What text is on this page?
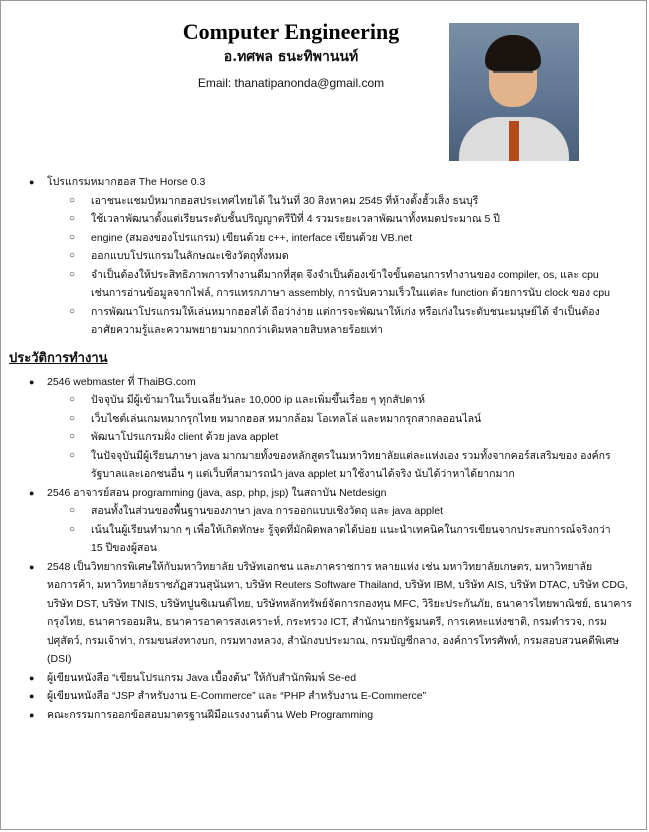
Computer Engineering
อ.ทศพล ธนะทิพานนท์
Email: thanatipanonda@gmail.com
● โปรแกรมหมากฮอส The Horse 0.3
○ เอาชนะแชมป์หมากฮอสประเทศไทยได้ ในวันที่ 30 สิงหาคม 2545 ที่ห้างตั้งฮั้วเส็ง ธนบุรี
○ ใช้เวลาพัฒนาตั้งแต่เรียนระดับชั้นปริญญาตรีปีที่ 4 รวมระยะเวลาพัฒนาทั้งหมดประมาณ 5 ปี
○ engine (สมองของโปรแกรม) เขียนด้วย c++, interface เขียนด้วย VB.net
○ ออกแบบโปรแกรมในลักษณะเชิงวัตถุทั้งหมด
○ จำเป็นต้องให้ประสิทธิภาพการทำงานดีมากที่สุด จึงจำเป็นต้องเข้าใจขั้นตอนการทำงานของ compiler, os, และ cpu เช่นการอ่านข้อมูลจากไฟล์, การแทรกภาษา assembly, การนับความเร็วในแต่ละ function ด้วยการนับ clock ของ cpu
○ การพัฒนาโปรแกรมให้เล่นหมากฮอสได้ ถือว่าง่าย แต่การจะพัฒนาให้เก่ง หรือเก่งในระดับชนะมนุษย์ได้ จำเป็นต้องอาศัยความรู้และความพยายามมากกว่าเดิมหลายสิบหลายร้อยเท่า
ประวัติการทำงาน
● 2546 webmaster ที่ ThaiBG.com
○ ปัจจุบัน มีผู้เข้ามาในเว็บเฉลี่ยวันละ 10,000 ip และเพิ่มขึ้นเรื่อย ๆ ทุกสัปดาห์
○ เว็บไซต์เล่นเกมหมากรุกไทย หมากฮอส หมากล้อม โอเทลโล่ และหมากรุกสากลออนไลน์
○ พัฒนาโปรแกรมฝั่ง client ด้วย java applet
○ ในปัจจุบันมีผู้เรียนภาษา java มากมายทั้งของหลักสูตรในมหาวิทยาลัยแต่ละแห่งเอง รวมทั้งจากคอร์สเสริมของ องค์กรรัฐบาลและเอกชนอื่น ๆ แต่เว็บที่สามารถนำ java applet มาใช้งานได้จริง นับได้ว่าหาได้ยากมาก
● 2546 อาจารย์สอน programming (java, asp, php, jsp) ในสถาบัน Netdesign
○ สอนทั้งในส่วนของพื้นฐานของภาษา java การออกแบบเชิงวัตถุ และ java applet
○ เน้นในผู้เรียนทำมาก ๆ เพื่อให้เกิดทักษะ รู้จุดที่มักผิดพลาดได้บ่อย แนะนำเทคนิคในการเขียนจากประสบการณ์จริงกว่า 15 ปีของผู้สอน
● 2548 เป็นวิทยากรพิเศษให้กับมหาวิทยาลัย บริษัทเอกชน และภาคราชการ หลายแห่ง เช่น มหาวิทยาลัยเกษตร, มหาวิทยาลัยหอการค้า, มหาวิทยาลัยราชภัฏสวนสุนันทา, บริษัท Reuters Software Thailand, บริษัท IBM, บริษัท AIS, บริษัท DTAC, บริษัท CDG, บริษัท DST, บริษัท TNIS, บริษัทปูนซิเมนต์ไทย, บริษัทหลักทรัพย์จัดการกองทุน MFC, วิริยะประกันภัย, ธนาคารไทยพาณิชย์, ธนาคารกรุงไทย, ธนาคารออมสิน, ธนาคารอาคารสงเคราะห์, กระทรวง ICT, สำนักนายกรัฐมนตรี, การเคหะแห่งชาติ, กรมตำรวจ, กรมปศุสัตว์, กรมเจ้าท่า, กรมขนส่งทางบก, กรมทางหลวง, สำนักงบประมาณ, กรมบัญชีกลาง, องค์การโทรศัพท์, กรมสอบสวนคดีพิเศษ (DSI)
● ผู้เขียนหนังสือ “เขียนโปรแกรม Java เบื้องต้น” ให้กับสำนักพิมพ์ Se-ed
● ผู้เขียนหนังสือ “JSP สำหรับงาน E-Commerce” และ “PHP สำหรับงาน E-Commerce”
● คณะกรรมการออกข้อสอบมาตรฐานฝีมือแรงงานด้าน Web Programming
